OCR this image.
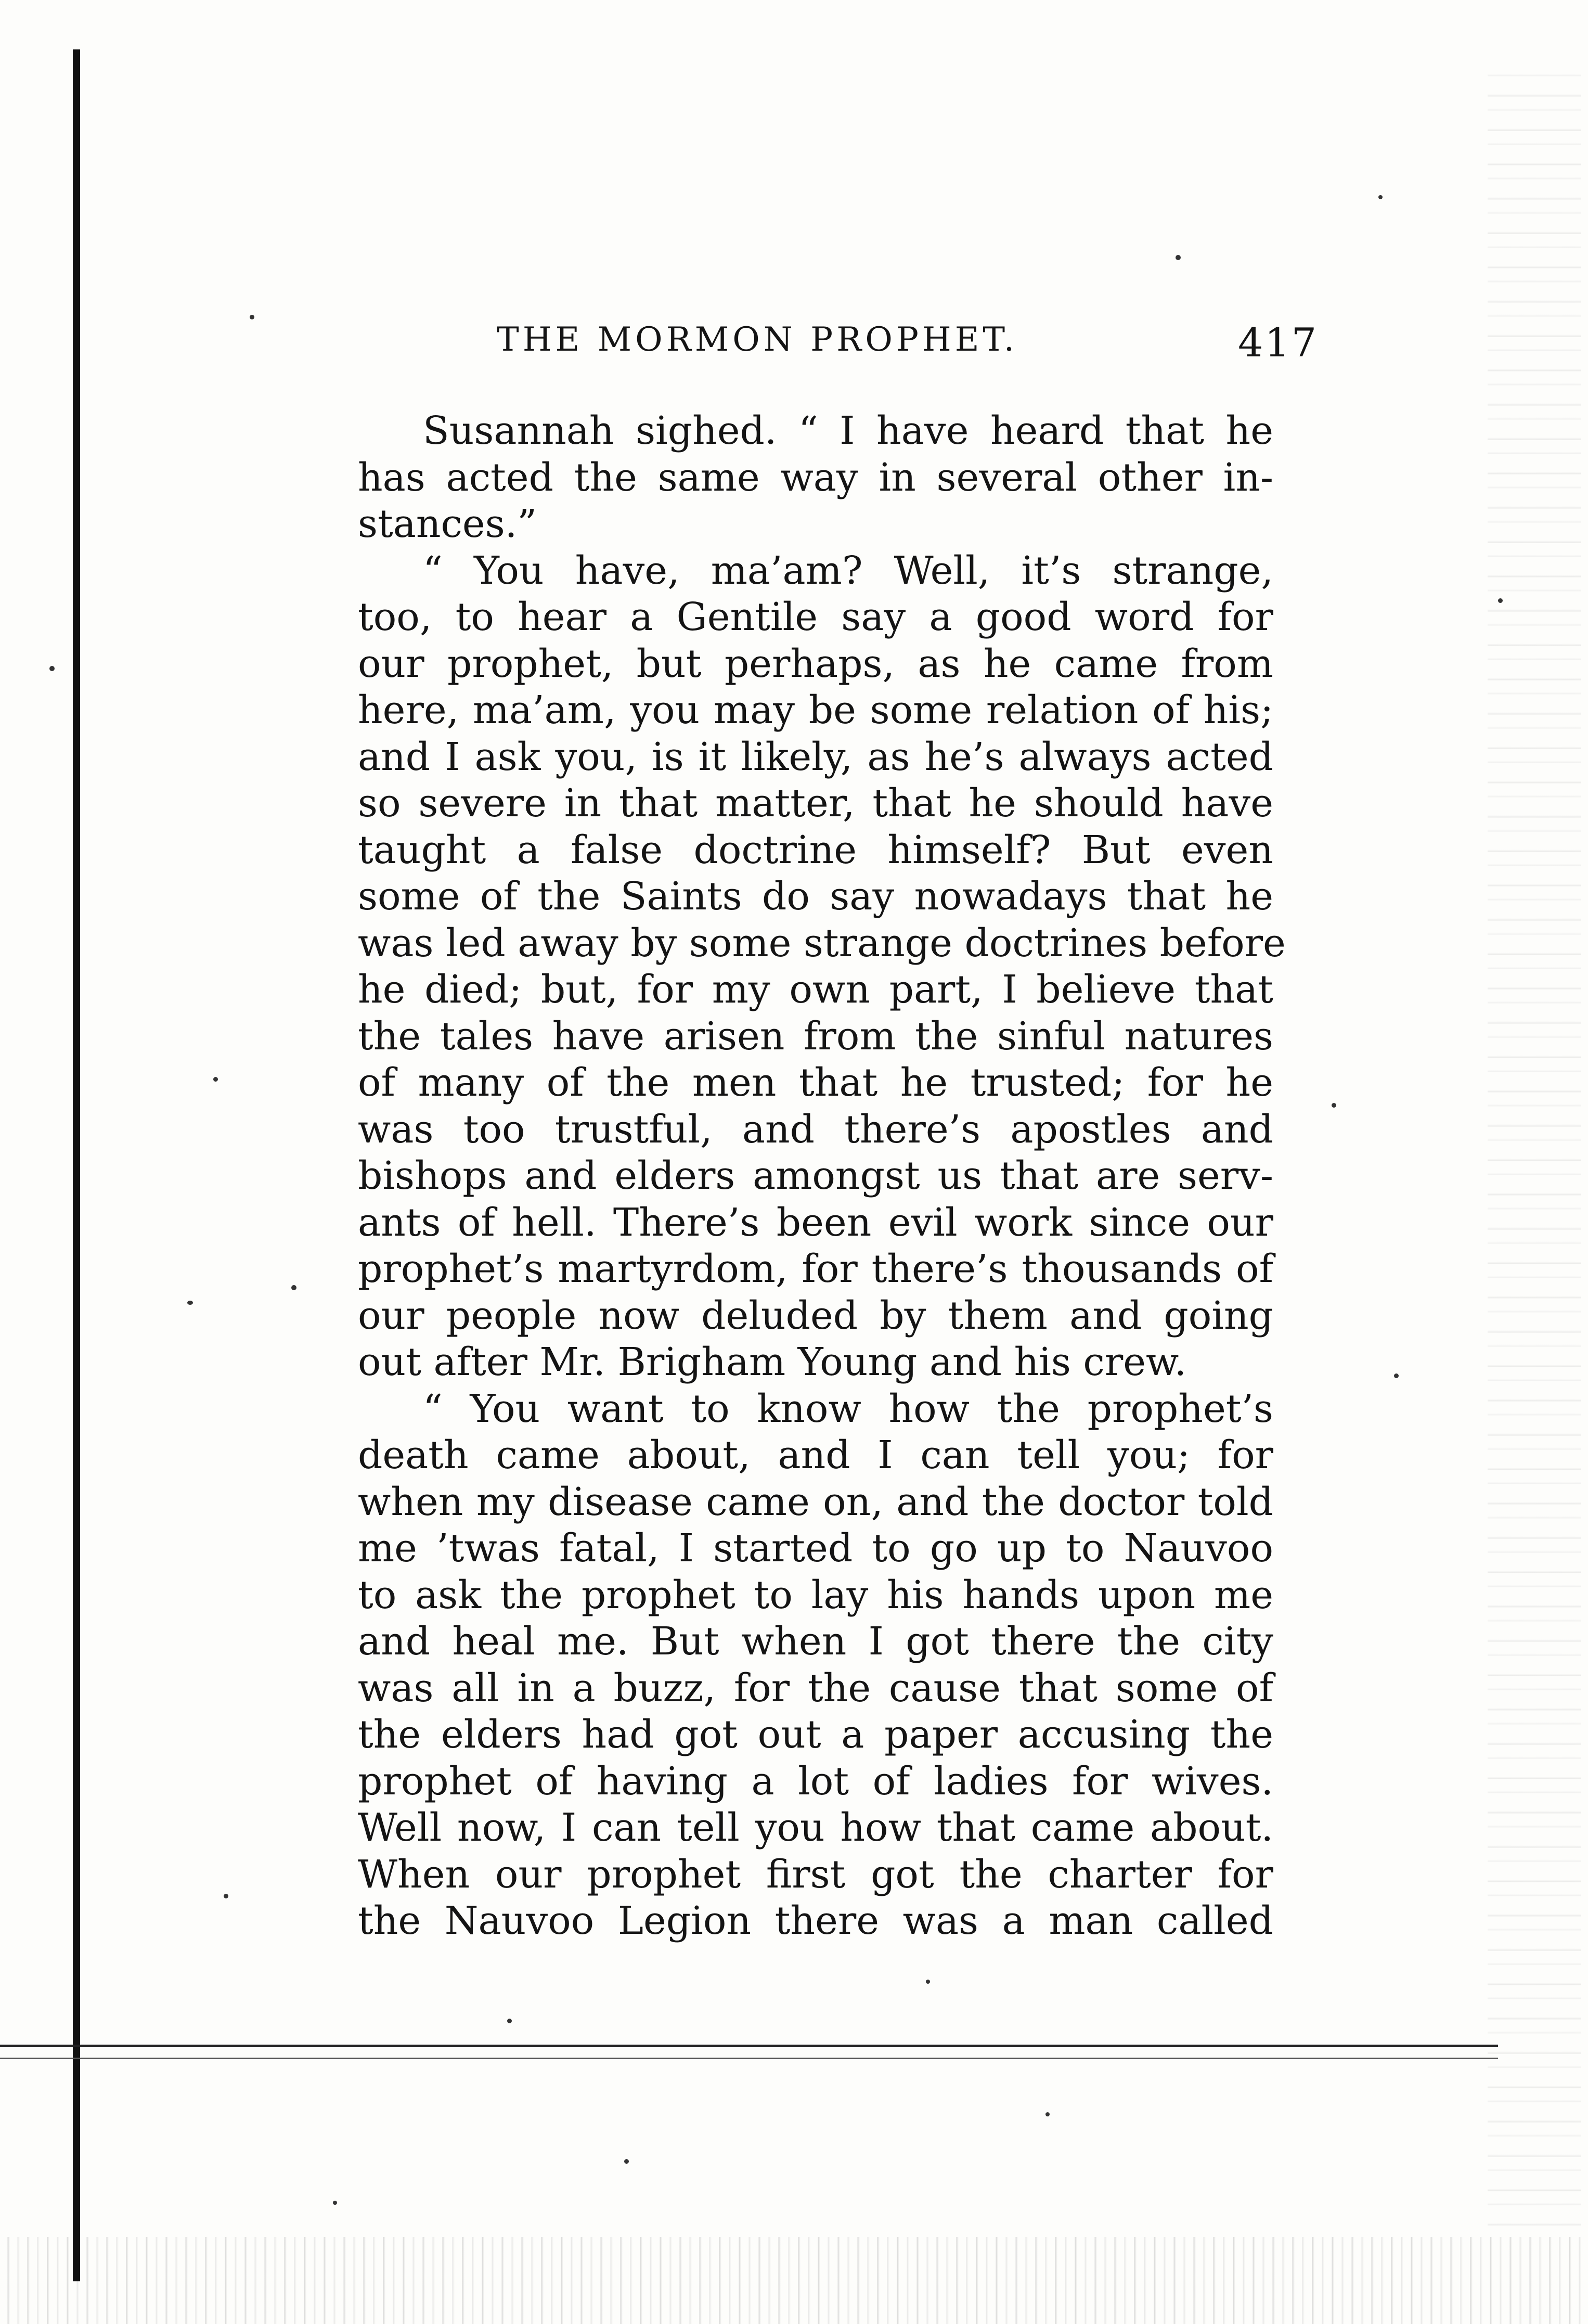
THE MORMON PROPHET.	417
Susannah sighed. “ I have heard that he
has acted the same way in several other in-
stances.”
“ You have, ma’am? Well, it’s strange,
too, to hear a Gentile say a good word for
our prophet, but perhaps, as he came from
here, ma’am, you may be some relation of his;
and I ask you, is it likely, as he’s always acted
so severe in that matter, that he should have
taught a false doctrine himself? But even
some of the Saints do say nowadays that he
was led away by some strange doctrines before
he died; but, for my own part, I believe that
the tales have arisen from the sinful natures
of many of the men that he trusted; for he
was too trustful, and there’s apostles and
bishops and elders amongst us that are serv-
ants of hell. There’s been evil work since our
prophet’s martyrdom, for there’s thousands of
our people now deluded by them and going
out after Mr. Brigham Young and his crew.
“ You want to know how the prophet’s
death came about, and I can tell you; for
when my disease came on, and the doctor told
me ’twas fatal, I started to go up to Nauvoo
to ask the prophet to lay his hands upon me
and heal me. But when I got there the city
was all in a buzz, for the cause that some of
the elders had got out a paper accusing the
prophet of having a lot of ladies for wives.
Well now, I can tell you how that came about.
When our prophet first got the charter for
the Nauvoo Legion there was a man called
